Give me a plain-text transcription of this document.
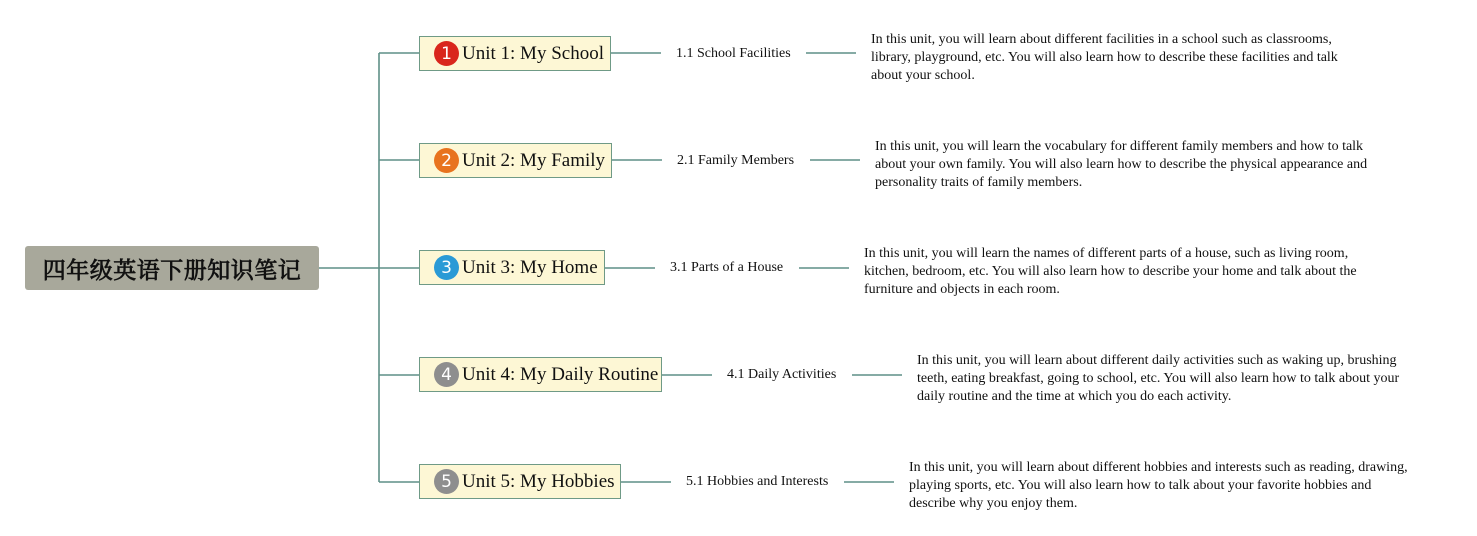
四年级英语下册知识笔记
1 Unit 1: My School	1.1 School Facilities
In this unit, you will learn about different facilities in a school such as classrooms, library, playground, etc. You will also learn how to describe these facilities and talk about your school.
2 Unit 2: My Family	2.1 Family Members
In this unit, you will learn the vocabulary for different family members and how to talk about your own family. You will also learn how to describe the physical appearance and personality traits of family members.
3 Unit 3: My Home	3.1 Parts of a House
In this unit, you will learn the names of different parts of a house, such as living room, kitchen, bedroom, etc. You will also learn how to describe your home and talk about the furniture and objects in each room.
4 Unit 4: My Daily Routine	4.1 Daily Activities
In this unit, you will learn about different daily activities such as waking up, brushing teeth, eating breakfast, going to school, etc. You will also learn how to talk about your daily routine and the time at which you do each activity.
5 Unit 5: My Hobbies	5.1 Hobbies and Interests
In this unit, you will learn about different hobbies and interests such as reading, drawing, playing sports, etc. You will also learn how to talk about your favorite hobbies and describe why you enjoy them.
